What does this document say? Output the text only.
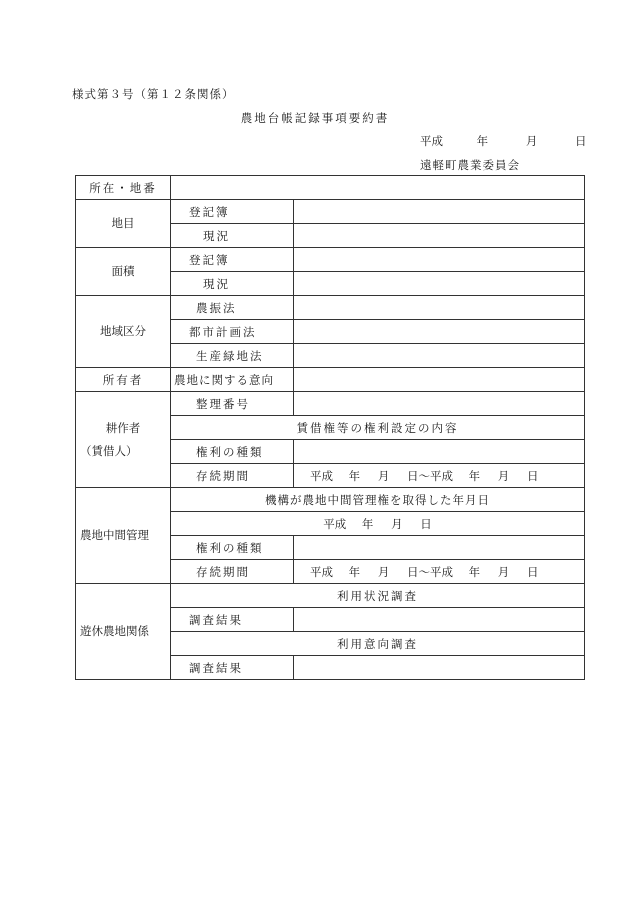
様式第３号（第１２条関係）
農地台帳記録事項要約書
平成	年	月	日
遠軽町農業委員会
所在・地番		
地目	登記簿	
	現況	
面積	登記簿	
	現況	
地域区分	農振法	
	都市計画法	
	生産緑地法	
所有者	農地に関する意向	

耕作者
（賃借人）	整理番号	
	賃借権等の権利設定の内容	
	権利の種類	
	存続期間	平成 年 月 日〜平成 年 月 日
農地中間管理	機構が農地中間管理権を取得した年月日	
	平成 年 月 日	
	権利の種類	
	存続期間	平成 年 月 日〜平成 年 月 日
遊休農地関係	利用状況調査	
	調査結果	
	利用意向調査	
	調査結果	
